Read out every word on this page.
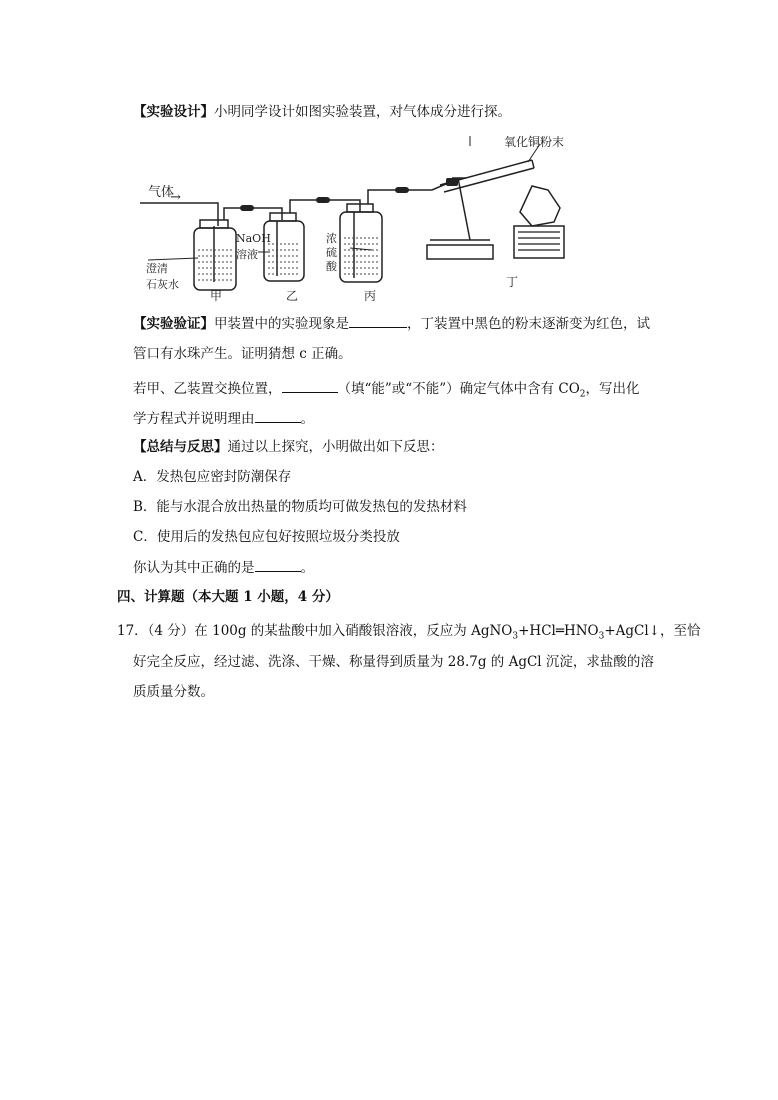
【实验设计】小明同学设计如图实验装置，对气体成分进行探。
气体
→
氧化铜粉末
NaOH
溶液
澄清
石灰水
浓
硫
酸
甲	乙	丙
丁
【实验验证】甲装置中的实验现象是	，丁装置中黑色的粉末逐渐变为红色，试
管口有水珠产生。证明猜想 c 正确。
若甲、乙装置交换位置，	（填“能”或“不能”）确定气体中含有 $CO_2$，写出化
学方程式并说明理由	。
【总结与反思】通过以上探究，小明做出如下反思：
A．发热包应密封防潮保存
B．能与水混合放出热量的物质均可做发热包的发热材料
C．使用后的发热包应包好按照垃圾分类投放
你认为其中正确的是	。
四、计算题（本大题 1 小题，4 分）
17．（4 分）在 100g 的某盐酸中加入硝酸银溶液，反应为 $AgNO_3+HCl═HNO_3+AgCl↓$，至恰
好完全反应，经过滤、洗涤、干燥、称量得到质量为 28.7g 的 AgCl 沉淀，求盐酸的溶
质质量分数。
